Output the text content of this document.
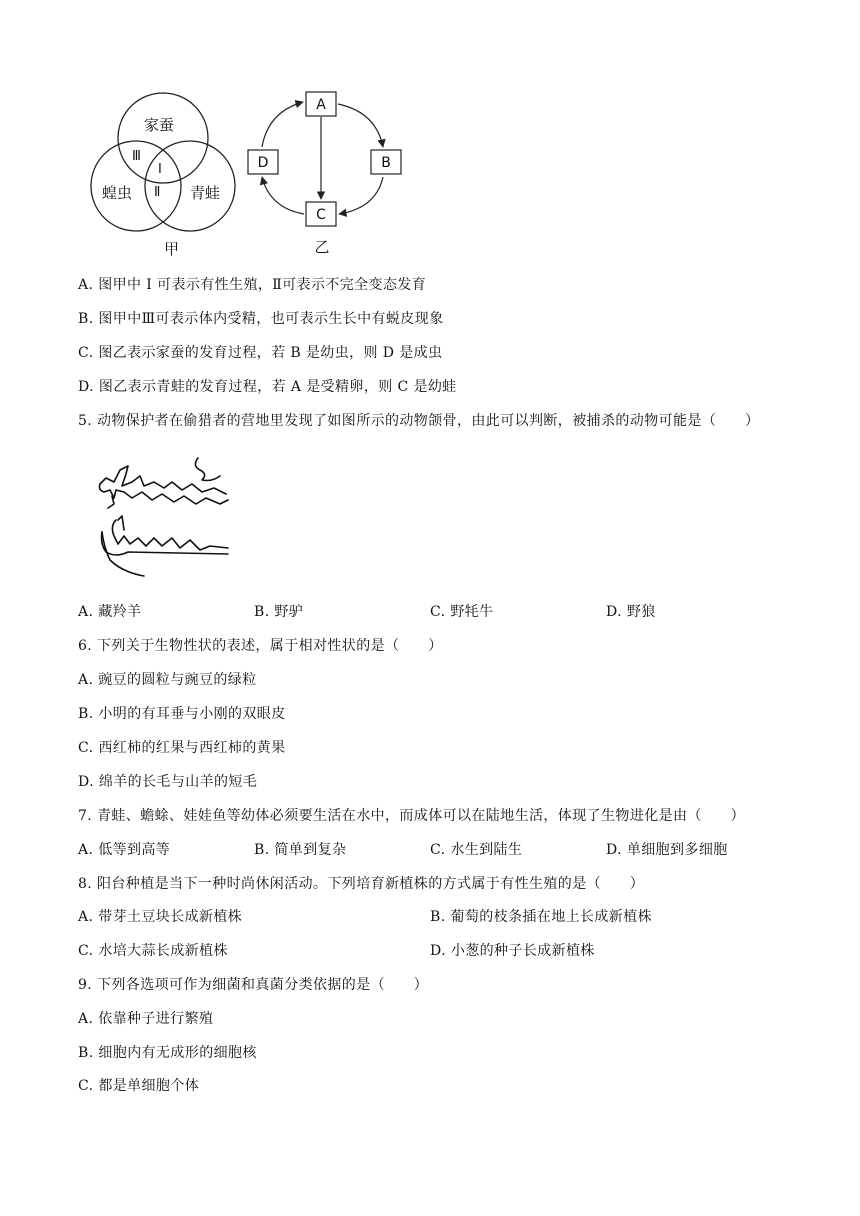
家蚕
蝗虫	青蛙
Ⅲ
Ⅰ
Ⅱ
甲
A
B
C
D
乙
A. 图甲中 I 可表示有性生殖，Ⅱ可表示不完全变态发育
B. 图甲中Ⅲ可表示体内受精，也可表示生长中有蜕皮现象
C. 图乙表示家蚕的发育过程，若 B 是幼虫，则 D 是成虫
D. 图乙表示青蛙的发育过程，若 A 是受精卵，则 C 是幼蛙
5. 动物保护者在偷猎者的营地里发现了如图所示的动物颌骨，由此可以判断，被捕杀的动物可能是（　　）
A. 藏羚羊	B. 野驴	C. 野牦牛	D. 野狼
6. 下列关于生物性状的表述，属于相对性状的是（　　）
A. 豌豆的圆粒与豌豆的绿粒
B. 小明的有耳垂与小刚的双眼皮
C. 西红柿的红果与西红柿的黄果
D. 绵羊的长毛与山羊的短毛
7. 青蛙、蟾蜍、娃娃鱼等幼体必须要生活在水中，而成体可以在陆地生活，体现了生物进化是由（　　）
A. 低等到高等	B. 简单到复杂	C. 水生到陆生	D. 单细胞到多细胞
8. 阳台种植是当下一种时尚休闲活动。下列培育新植株的方式属于有性生殖的是（　　）
A. 带芽土豆块长成新植株	B. 葡萄的枝条插在地上长成新植株
C. 水培大蒜长成新植株	D. 小葱的种子长成新植株
9. 下列各选项可作为细菌和真菌分类依据的是（　　）
A. 依靠种子进行繁殖
B. 细胞内有无成形的细胞核
C. 都是单细胞个体
